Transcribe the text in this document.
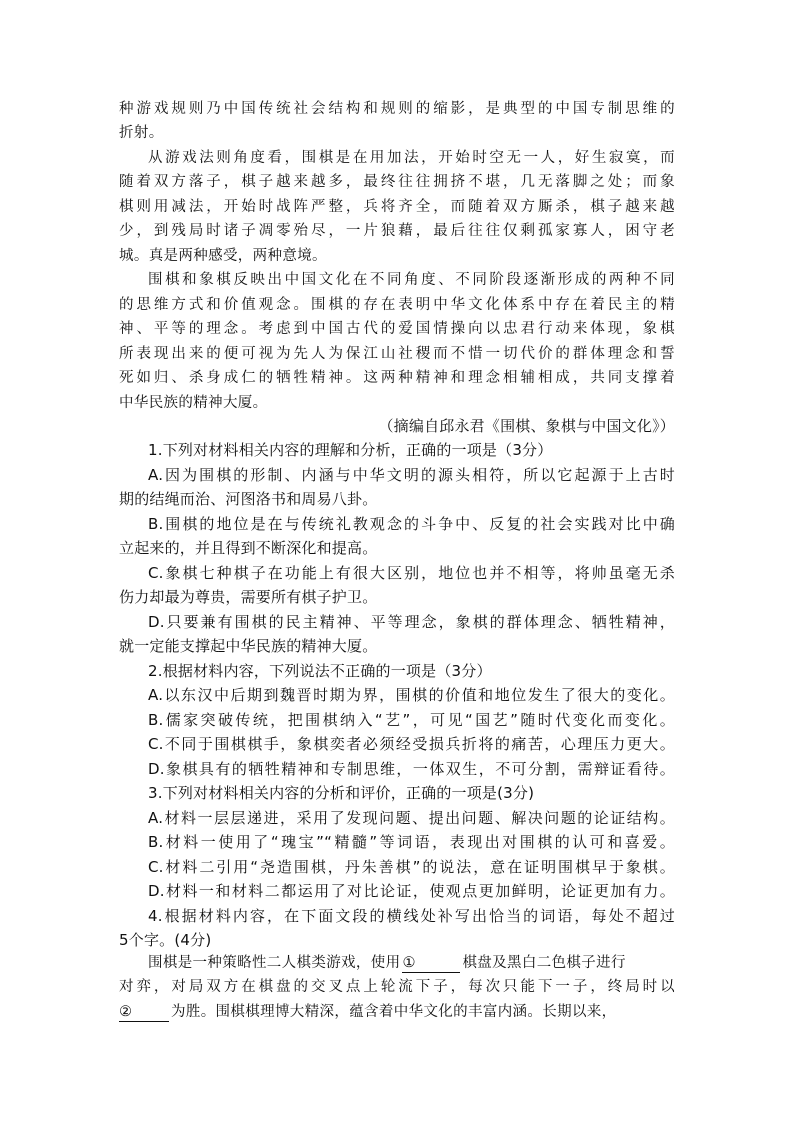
种游戏规则乃中国传统社会结构和规则的缩影，是典型的中国专制思维的
折射。
从游戏法则角度看，围棋是在用加法，开始时空无一人，好生寂寞，而
随着双方落子，棋子越来越多，最终往往拥挤不堪，几无落脚之处；而象
棋则用减法，开始时战阵严整，兵将齐全，而随着双方厮杀，棋子越来越
少，到残局时诸子凋零殆尽，一片狼藉，最后往往仅剩孤家寡人，困守老
城。真是两种感受，两种意境。
围棋和象棋反映出中国文化在不同角度、不同阶段逐渐形成的两种不同
的思维方式和价值观念。围棋的存在表明中华文化体系中存在着民主的精
神、平等的理念。考虑到中国古代的爱国情操向以忠君行动来体现，象棋
所表现出来的便可视为先人为保江山社稷而不惜一切代价的群体理念和誓
死如归、杀身成仁的牺牲精神。这两种精神和理念相辅相成，共同支撑着
中华民族的精神大厦。
（摘编自邱永君《围棋、象棋与中国文化》）
1.下列对材料相关内容的理解和分析，正确的一项是（3分）
A.因为围棋的形制、内涵与中华文明的源头相符，所以它起源于上古时
期的结绳而治、河图洛书和周易八卦。
B.围棋的地位是在与传统礼教观念的斗争中、反复的社会实践对比中确
立起来的，并且得到不断深化和提高。
C.象棋七种棋子在功能上有很大区别，地位也并不相等，将帅虽毫无杀
伤力却最为尊贵，需要所有棋子护卫。
D.只要兼有围棋的民主精神、平等理念，象棋的群体理念、牺牲精神，
就一定能支撑起中华民族的精神大厦。
2.根据材料内容，下列说法不正确的一项是（3分）
A.以东汉中后期到魏晋时期为界，围棋的价值和地位发生了很大的变化。
B.儒家突破传统，把围棋纳入“艺”，可见“国艺”随时代变化而变化。
C.不同于围棋棋手，象棋奕者必须经受损兵折将的痛苦，心理压力更大。
D.象棋具有的牺牲精神和专制思维，一体双生，不可分割，需辩证看待。
3.下列对材料相关内容的分析和评价，正确的一项是(3分)
A.材料一层层递进，采用了发现问题、提出问题、解决问题的论证结构。
B.材料一使用了“瑰宝”“精髓”等词语，表现出对围棋的认可和喜爱。
C.材料二引用“尧造围棋，丹朱善棋”的说法，意在证明围棋早于象棋。
D.材料一和材料二都运用了对比论证，使观点更加鲜明，论证更加有力。
4.根据材料内容，在下面文段的横线处补写出恰当的词语，每处不超过
5个字。(4分)
围棋是一种策略性二人棋类游戏，使用 ①	棋盘及黑白二色棋子进行
对弈，对局双方在棋盘的交叉点上轮流下子，每次只能下一子，终局时以
②	为胜。围棋棋理博大精深，蕴含着中华文化的丰富内涵。长期以来，
